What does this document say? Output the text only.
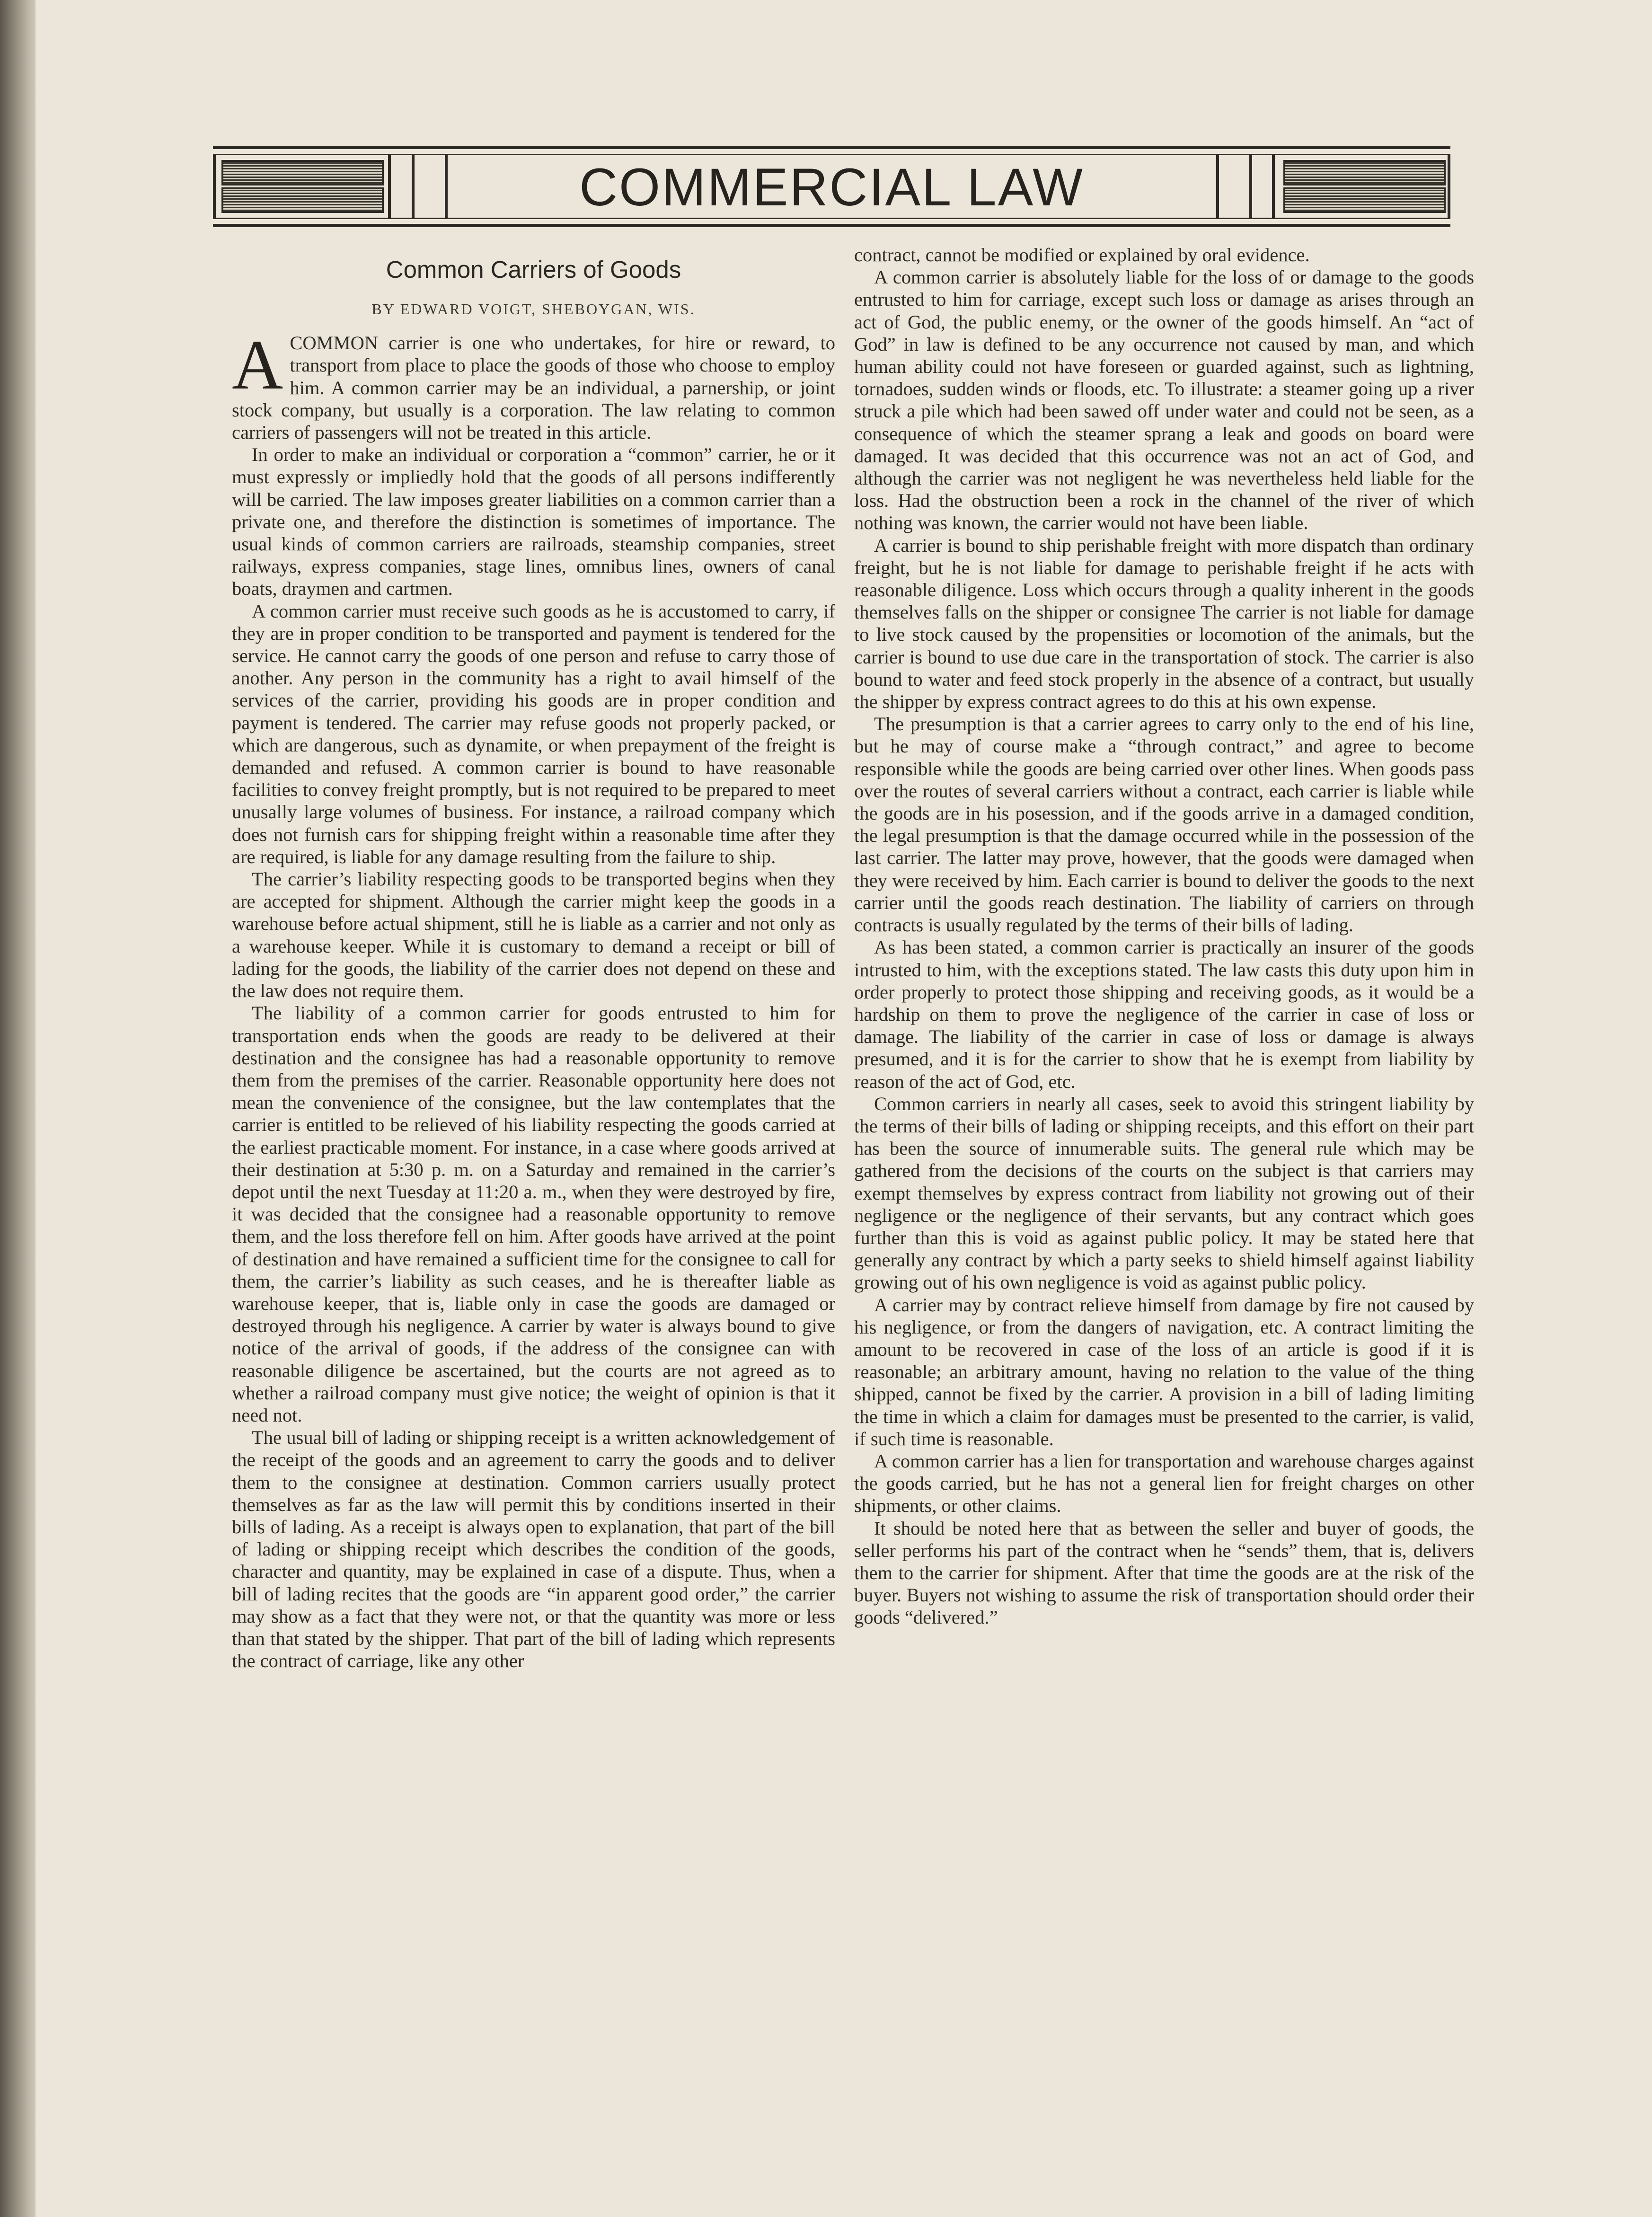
COMMERCIAL LAW
Common Carriers of Goods
BY EDWARD VOIGT, SHEBOYGAN, WIS.

ACOMMON carrier is one who undertakes, for hire or reward, to transport from place to place the goods of those who choose to employ him. A common carrier may be an individual, a parnership, or joint stock company, but usually is a corporation. The law relating to common carriers of passengers will not be treated in this article.

In order to make an individual or corporation a “common” carrier, he or it must expressly or impliedly hold that the goods of all persons indifferently will be carried. The law imposes greater liabilities on a common carrier than a private one, and therefore the distinction is sometimes of importance. The usual kinds of common carriers are railroads, steamship companies, street railways, express companies, stage lines, omnibus lines, owners of canal boats, draymen and cartmen.

A common carrier must receive such goods as he is accustomed to carry, if they are in proper condition to be transported and payment is tendered for the service. He cannot carry the goods of one person and refuse to carry those of another. Any person in the community has a right to avail himself of the services of the carrier, providing his goods are in proper condition and payment is tendered. The carrier may refuse goods not properly packed, or which are dangerous, such as dynamite, or when prepayment of the freight is demanded and refused. A common carrier is bound to have reasonable facilities to convey freight promptly, but is not required to be prepared to meet unusally large volumes of business. For instance, a railroad company which does not furnish cars for shipping freight within a reasonable time after they are required, is liable for any damage resulting from the failure to ship.

The carrier’s liability respecting goods to be transported begins when they are accepted for shipment. Although the carrier might keep the goods in a warehouse before actual shipment, still he is liable as a carrier and not only as a warehouse keeper. While it is customary to demand a receipt or bill of lading for the goods, the liability of the carrier does not depend on these and the law does not require them.

The liability of a common carrier for goods entrusted to him for transportation ends when the goods are ready to be delivered at their destination and the consignee has had a reasonable opportunity to remove them from the premises of the carrier. Reasonable opportunity here does not mean the convenience of the consignee, but the law contemplates that the carrier is entitled to be relieved of his liability respecting the goods carried at the earliest practicable moment. For instance, in a case where goods arrived at their destination at 5:30 p. m. on a Saturday and remained in the carrier’s depot until the next Tuesday at 11:20 a. m., when they were destroyed by fire, it was decided that the consignee had a reasonable opportunity to remove them, and the loss therefore fell on him. After goods have arrived at the point of destination and have remained a sufficient time for the consignee to call for them, the carrier’s liability as such ceases, and he is thereafter liable as warehouse keeper, that is, liable only in case the goods are damaged or destroyed through his negligence. A carrier by water is always bound to give notice of the arrival of goods, if the address of the consignee can with reasonable diligence be ascertained, but the courts are not agreed as to whether a railroad company must give notice; the weight of opinion is that it need not.

The usual bill of lading or shipping receipt is a written acknowledgement of the receipt of the goods and an agreement to carry the goods and to deliver them to the consignee at destination. Common carriers usually protect themselves as far as the law will permit this by conditions inserted in their bills of lading. As a receipt is always open to explanation, that part of the bill of lading or shipping receipt which describes the condition of the goods, character and quantity, may be explained in case of a dispute. Thus, when a bill of lading recites that the goods are “in apparent good order,” the carrier may show as a fact that they were not, or that the quantity was more or less than that stated by the shipper. That part of the bill of lading which represents the contract of carriage, like any other

contract, cannot be modified or explained by oral evidence.

A common carrier is absolutely liable for the loss of or damage to the goods entrusted to him for carriage, except such loss or damage as arises through an act of God, the public enemy, or the owner of the goods himself. An “act of God” in law is defined to be any occurrence not caused by man, and which human ability could not have foreseen or guarded against, such as lightning, tornadoes, sudden winds or floods, etc. To illustrate: a steamer going up a river struck a pile which had been sawed off under water and could not be seen, as a consequence of which the steamer sprang a leak and goods on board were damaged. It was decided that this occurrence was not an act of God, and although the carrier was not negligent he was nevertheless held liable for the loss. Had the obstruction been a rock in the channel of the river of which nothing was known, the carrier would not have been liable.

A carrier is bound to ship perishable freight with more dispatch than ordinary freight, but he is not liable for damage to perishable freight if he acts with reasonable diligence. Loss which occurs through a quality inherent in the goods themselves falls on the shipper or consignee The carrier is not liable for damage to live stock caused by the propensities or locomotion of the animals, but the carrier is bound to use due care in the transportation of stock. The carrier is also bound to water and feed stock properly in the absence of a contract, but usually the shipper by express contract agrees to do this at his own expense.

The presumption is that a carrier agrees to carry only to the end of his line, but he may of course make a “through contract,” and agree to become responsible while the goods are being carried over other lines. When goods pass over the routes of several carriers without a contract, each carrier is liable while the goods are in his posession, and if the goods arrive in a damaged condition, the legal presumption is that the damage occurred while in the possession of the last carrier. The latter may prove, however, that the goods were damaged when they were received by him. Each carrier is bound to deliver the goods to the next carrier until the goods reach destination. The liability of carriers on through contracts is usually regulated by the terms of their bills of lading.

As has been stated, a common carrier is practically an insurer of the goods intrusted to him, with the exceptions stated. The law casts this duty upon him in order properly to protect those shipping and receiving goods, as it would be a hardship on them to prove the negligence of the carrier in case of loss or damage. The liability of the carrier in case of loss or damage is always presumed, and it is for the carrier to show that he is exempt from liability by reason of the act of God, etc.

Common carriers in nearly all cases, seek to avoid this stringent liability by the terms of their bills of lading or shipping receipts, and this effort on their part has been the source of innumerable suits. The general rule which may be gathered from the decisions of the courts on the subject is that carriers may exempt themselves by express contract from liability not growing out of their negligence or the negligence of their servants, but any contract which goes further than this is void as against public policy. It may be stated here that generally any contract by which a party seeks to shield himself against liability growing out of his own negligence is void as against public policy.

A carrier may by contract relieve himself from damage by fire not caused by his negligence, or from the dangers of navigation, etc. A contract limiting the amount to be recovered in case of the loss of an article is good if it is reasonable; an arbitrary amount, having no relation to the value of the thing shipped, cannot be fixed by the carrier. A provision in a bill of lading limiting the time in which a claim for damages must be presented to the carrier, is valid, if such time is reasonable.

A common carrier has a lien for transportation and warehouse charges against the goods carried, but he has not a general lien for freight charges on other shipments, or other claims.

It should be noted here that as between the seller and buyer of goods, the seller performs his part of the contract when he “sends” them, that is, delivers them to the carrier for shipment. After that time the goods are at the risk of the buyer. Buyers not wishing to assume the risk of transportation should order their goods “delivered.”
